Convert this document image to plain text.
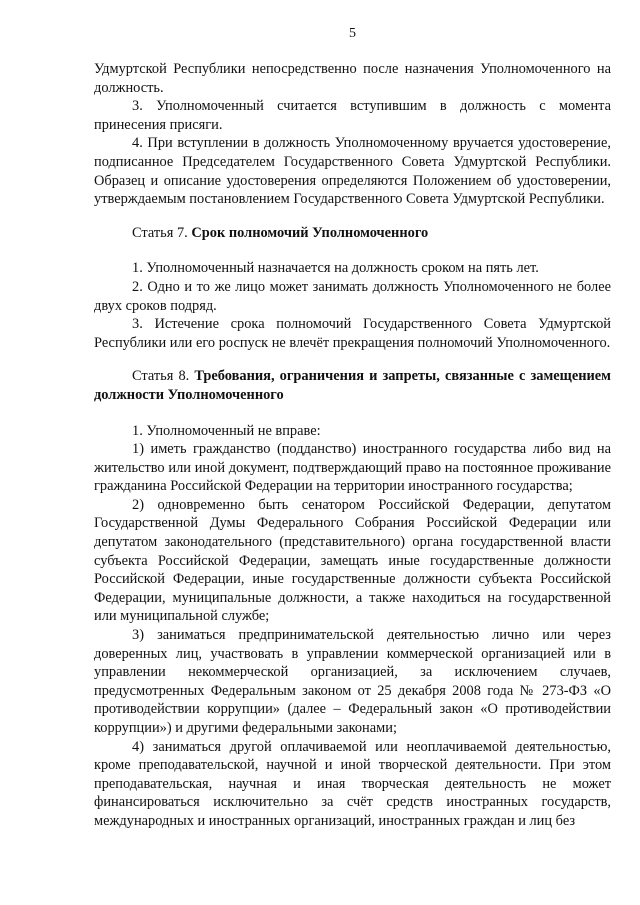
5

Удмуртской Республики непосредственно после назначения Уполномоченного на должность.

3. Уполномоченный считается вступившим в должность с момента принесения присяги.

4. При вступлении в должность Уполномоченному вручается удостоверение, подписанное Председателем Государственного Совета Удмуртской Республики. Образец и описание удостоверения определяются Положением об удостоверении, утверждаемым постановлением Государственного Совета Удмуртской Республики.

Статья 7. Срок полномочий Уполномоченного

1. Уполномоченный назначается на должность сроком на пять лет.

2. Одно и то же лицо может занимать должность Уполномоченного не более двух сроков подряд.

3. Истечение срока полномочий Государственного Совета Удмуртской Республики или его роспуск не влечёт прекращения полномочий Уполномоченного.

Статья 8. Требования, ограничения и запреты, связанные с замещением должности Уполномоченного

1. Уполномоченный не вправе:

1) иметь гражданство (подданство) иностранного государства либо вид на жительство или иной документ, подтверждающий право на постоянное проживание гражданина Российской Федерации на территории иностранного государства;

2) одновременно быть сенатором Российской Федерации, депутатом Государственной Думы Федерального Собрания Российской Федерации или депутатом законодательного (представительного) органа государственной власти субъекта Российской Федерации, замещать иные государственные должности Российской Федерации, иные государственные должности субъекта Российской Федерации, муниципальные должности, а также находиться на государственной или муниципальной службе;

3) заниматься предпринимательской деятельностью лично или через доверенных лиц, участвовать в управлении коммерческой организацией или в управлении некоммерческой организацией, за исключением случаев, предусмотренных Федеральным законом от 25 декабря 2008 года № 273-ФЗ «О противодействии коррупции» (далее – Федеральный закон «О противодействии коррупции») и другими федеральными законами;

4) заниматься другой оплачиваемой или неоплачиваемой деятельностью, кроме преподавательской, научной и иной творческой деятельности. При этом преподавательская, научная и иная творческая деятельность не может финансироваться исключительно за счёт средств иностранных государств, международных и иностранных организаций, иностранных граждан и лиц без
